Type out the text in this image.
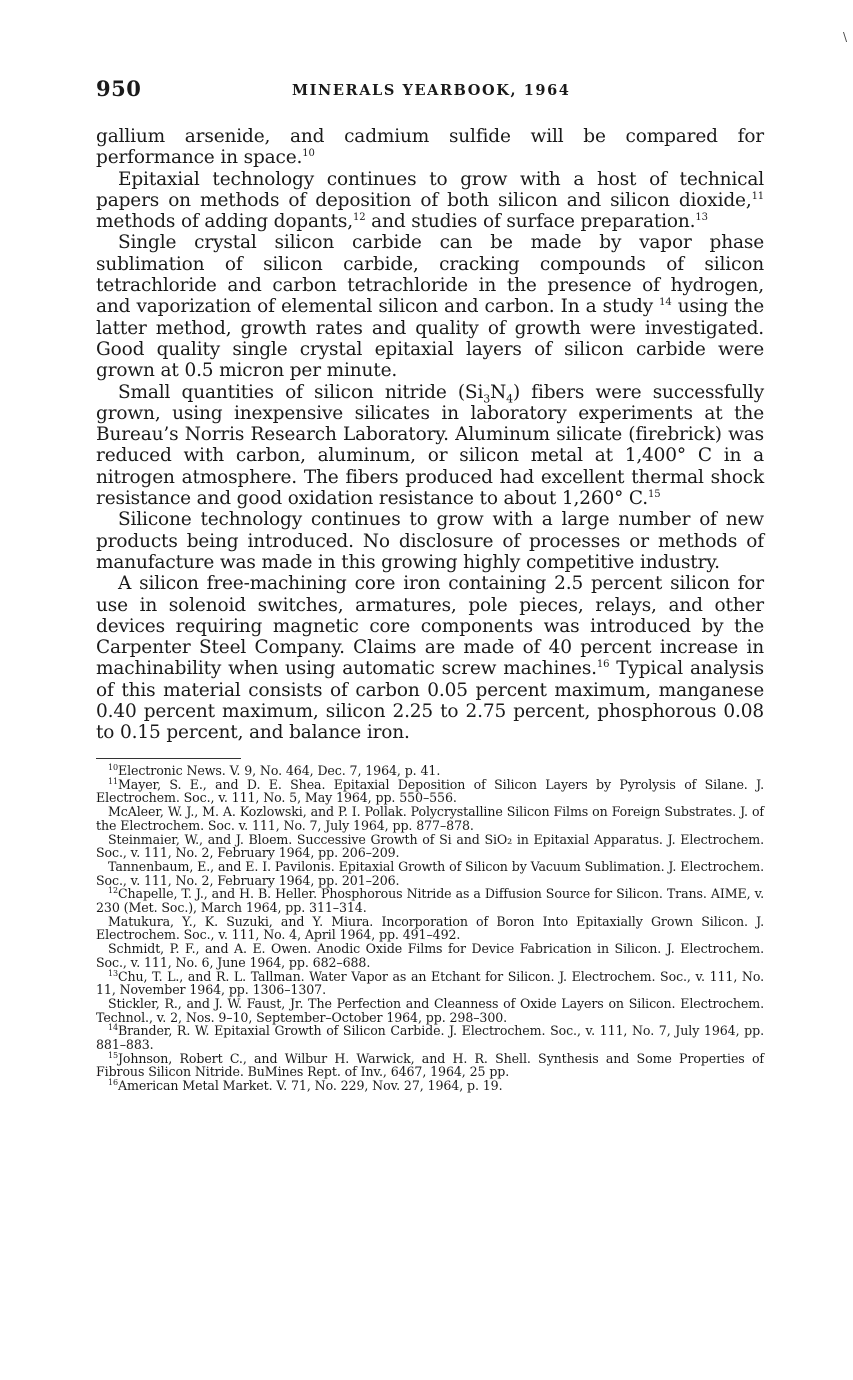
\
950	MINERALS YEARBOOK, 1964

gallium arsenide, and cadmium sulfide will be compared for performance in space.$^{10}$

Epitaxial technology continues to grow with a host of technical papers on methods of deposition of both silicon and silicon dioxide,$^{11}$ methods of adding dopants,$^{12}$ and studies of surface preparation.$^{13}$

Single crystal silicon carbide can be made by vapor phase sublimation of silicon carbide, cracking compounds of silicon tetrachloride and carbon tetrachloride in the presence of hydrogen, and vaporization of elemental silicon and carbon. In a study $^{14}$ using the latter method, growth rates and quality of growth were investigated. Good quality single crystal epitaxial layers of silicon carbide were grown at 0.5 micron per minute.

Small quantities of silicon nitride $(Si_3N_4)$ fibers were successfully grown, using inexpensive silicates in laboratory experiments at the Bureau’s Norris Research Laboratory. Aluminum silicate (firebrick) was reduced with carbon, aluminum, or silicon metal at 1,400° C in a nitrogen atmosphere. The fibers produced had excellent thermal shock resistance and good oxidation resistance to about 1,260° C.$^{15}$

Silicone technology continues to grow with a large number of new products being introduced. No disclosure of processes or methods of manufacture was made in this growing highly competitive industry.

A silicon free-machining core iron containing 2.5 percent silicon for use in solenoid switches, armatures, pole pieces, relays, and other devices requiring magnetic core components was introduced by the Carpenter Steel Company. Claims are made of 40 percent increase in machinability when using automatic screw machines.$^{16}$ Typical analysis of this material consists of carbon 0.05 percent maximum, manganese 0.40 percent maximum, silicon 2.25 to 2.75 percent, phosphorous 0.08 to 0.15 percent, and balance iron.

$^{10}$Electronic News. V. 9, No. 464, Dec. 7, 1964, p. 41.

$^{11}$Mayer, S. E., and D. E. Shea. Epitaxial Deposition of Silicon Layers by Pyrolysis of Silane. J. Electrochem. Soc., v. 111, No. 5, May 1964, pp. 550–556.

McAleer, W. J., M. A. Kozlowski, and P. I. Pollak. Polycrystalline Silicon Films on Foreign Substrates. J. of the Electrochem. Soc. v. 111, No. 7, July 1964, pp. 877–878.

Steinmaier, W., and J. Bloem. Successive Growth of Si and SiO₂ in Epitaxial Apparatus. J. Electrochem. Soc., v. 111, No. 2, February 1964, pp. 206–209.

Tannenbaum, E., and E. I. Pavilonis. Epitaxial Growth of Silicon by Vacuum Sublimation. J. Electrochem. Soc., v. 111, No. 2, February 1964, pp. 201–206.

$^{12}$Chapelle, T. J., and H. B. Heller. Phosphorous Nitride as a Diffusion Source for Silicon. Trans. AIME, v. 230 (Met. Soc.), March 1964, pp. 311–314.

Matukura, Y., K. Suzuki, and Y. Miura. Incorporation of Boron Into Epitaxially Grown Silicon. J. Electrochem. Soc., v. 111, No. 4, April 1964, pp. 491–492.

Schmidt, P. F., and A. E. Owen. Anodic Oxide Films for Device Fabrication in Silicon. J. Electrochem. Soc., v. 111, No. 6, June 1964, pp. 682–688.

$^{13}$Chu, T. L., and R. L. Tallman. Water Vapor as an Etchant for Silicon. J. Electrochem. Soc., v. 111, No. 11, November 1964, pp. 1306–1307.

Stickler, R., and J. W. Faust, Jr. The Perfection and Cleanness of Oxide Layers on Silicon. Electrochem. Technol., v. 2, Nos. 9–10, September–October 1964, pp. 298–300.

$^{14}$Brander, R. W. Epitaxial Growth of Silicon Carbide. J. Electrochem. Soc., v. 111, No. 7, July 1964, pp. 881–883.

$^{15}$Johnson, Robert C., and Wilbur H. Warwick, and H. R. Shell. Synthesis and Some Properties of Fibrous Silicon Nitride. BuMines Rept. of Inv., 6467, 1964, 25 pp.

$^{16}$American Metal Market. V. 71, No. 229, Nov. 27, 1964, p. 19.
